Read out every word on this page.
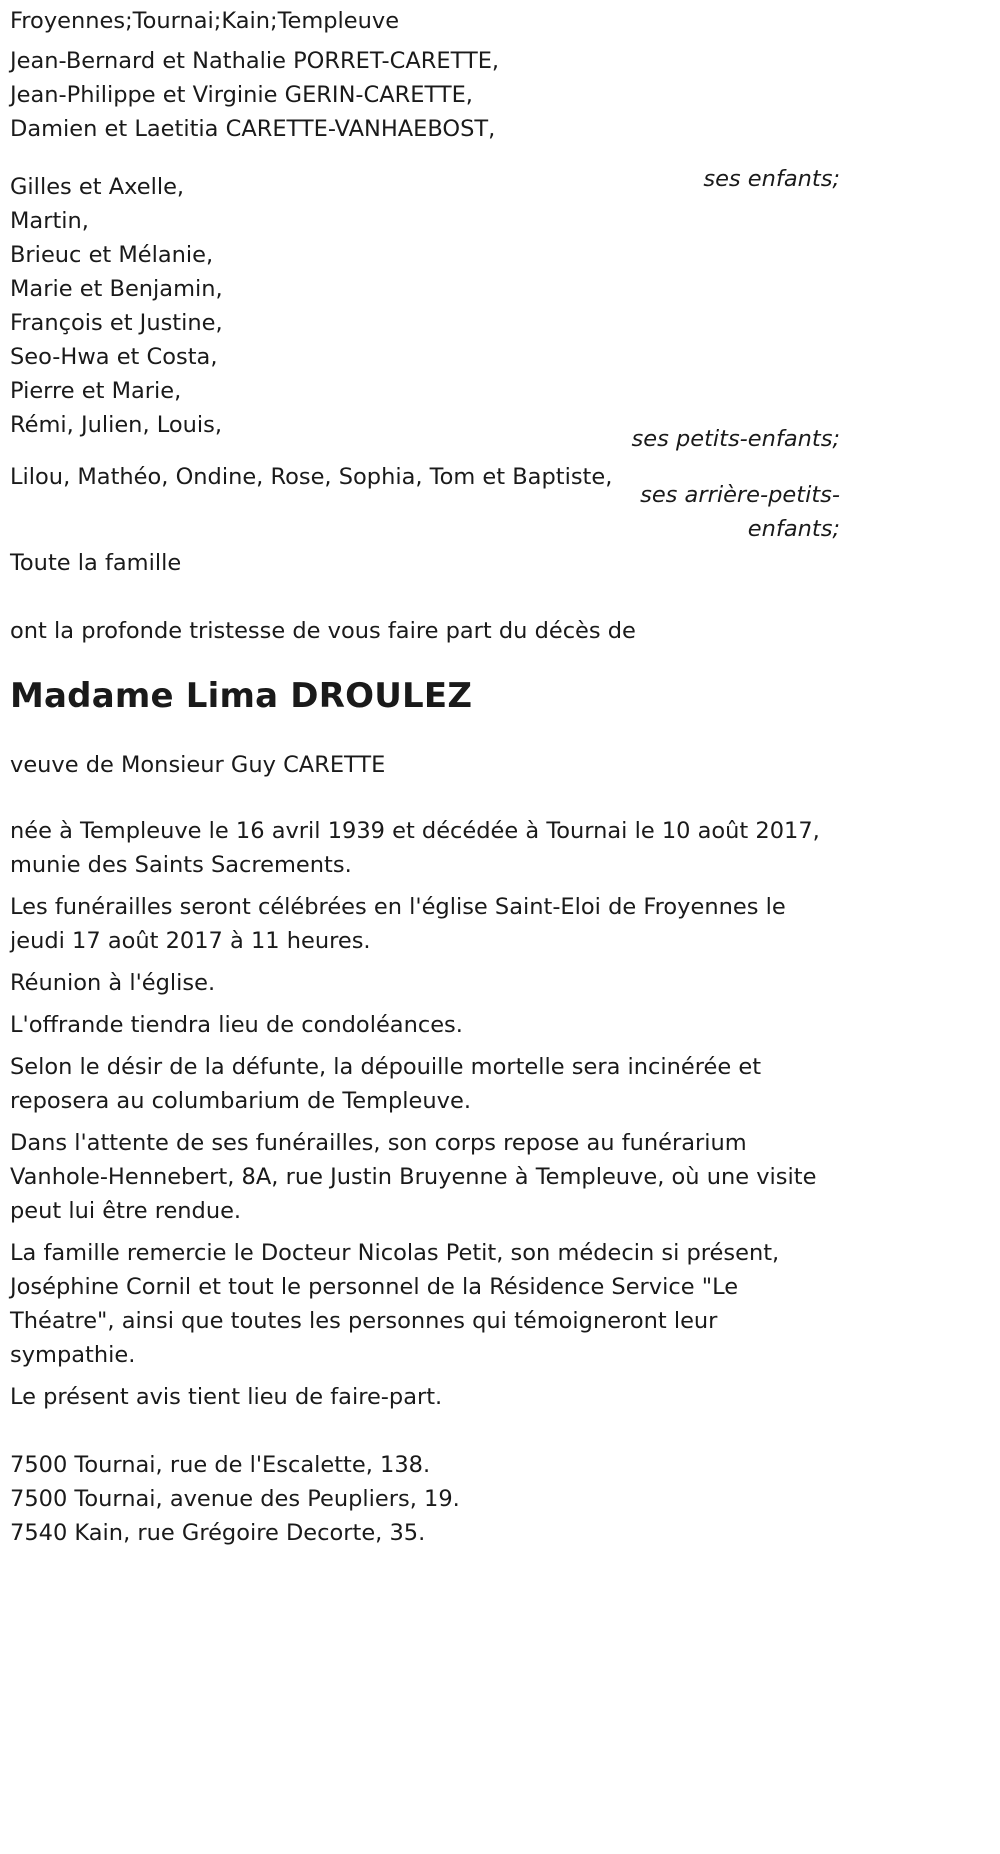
Froyennes;Tournai;Kain;Templeuve
Jean-Bernard et Nathalie PORRET-CARETTE,
Jean-Philippe et Virginie GERIN-CARETTE,
Damien et Laetitia CARETTE-VANHAEBOST,
ses enfants;
Gilles et Axelle,
Martin,
Brieuc et Mélanie,
Marie et Benjamin,
François et Justine,
Seo-Hwa et Costa,
Pierre et Marie,
Rémi, Julien, Louis,
ses petits-enfants;
Lilou, Mathéo, Ondine, Rose, Sophia, Tom et Baptiste,
ses arrière-petits-
enfants;
Toute la famille
ont la profonde tristesse de vous faire part du décès de
Madame Lima DROULEZ
veuve de Monsieur Guy CARETTE
née à Templeuve le 16 avril 1939 et décédée à Tournai le 10 août 2017, munie des Saints Sacrements.
Les funérailles seront célébrées en l'église Saint-Eloi de Froyennes le jeudi 17 août 2017 à 11 heures.
Réunion à l'église.
L'offrande tiendra lieu de condoléances.
Selon le désir de la défunte, la dépouille mortelle sera incinérée et reposera au columbarium de Templeuve.
Dans l'attente de ses funérailles, son corps repose au funérarium Vanhole-Hennebert, 8A, rue Justin Bruyenne à Templeuve, où une visite peut lui être rendue.
La famille remercie le Docteur Nicolas Petit, son médecin si présent, Joséphine Cornil et tout le personnel de la Résidence Service "Le Théatre", ainsi que toutes les personnes qui témoigneront leur sympathie.
Le présent avis tient lieu de faire-part.
7500 Tournai, rue de l'Escalette, 138.
7500 Tournai, avenue des Peupliers, 19.
7540 Kain, rue Grégoire Decorte, 35.
